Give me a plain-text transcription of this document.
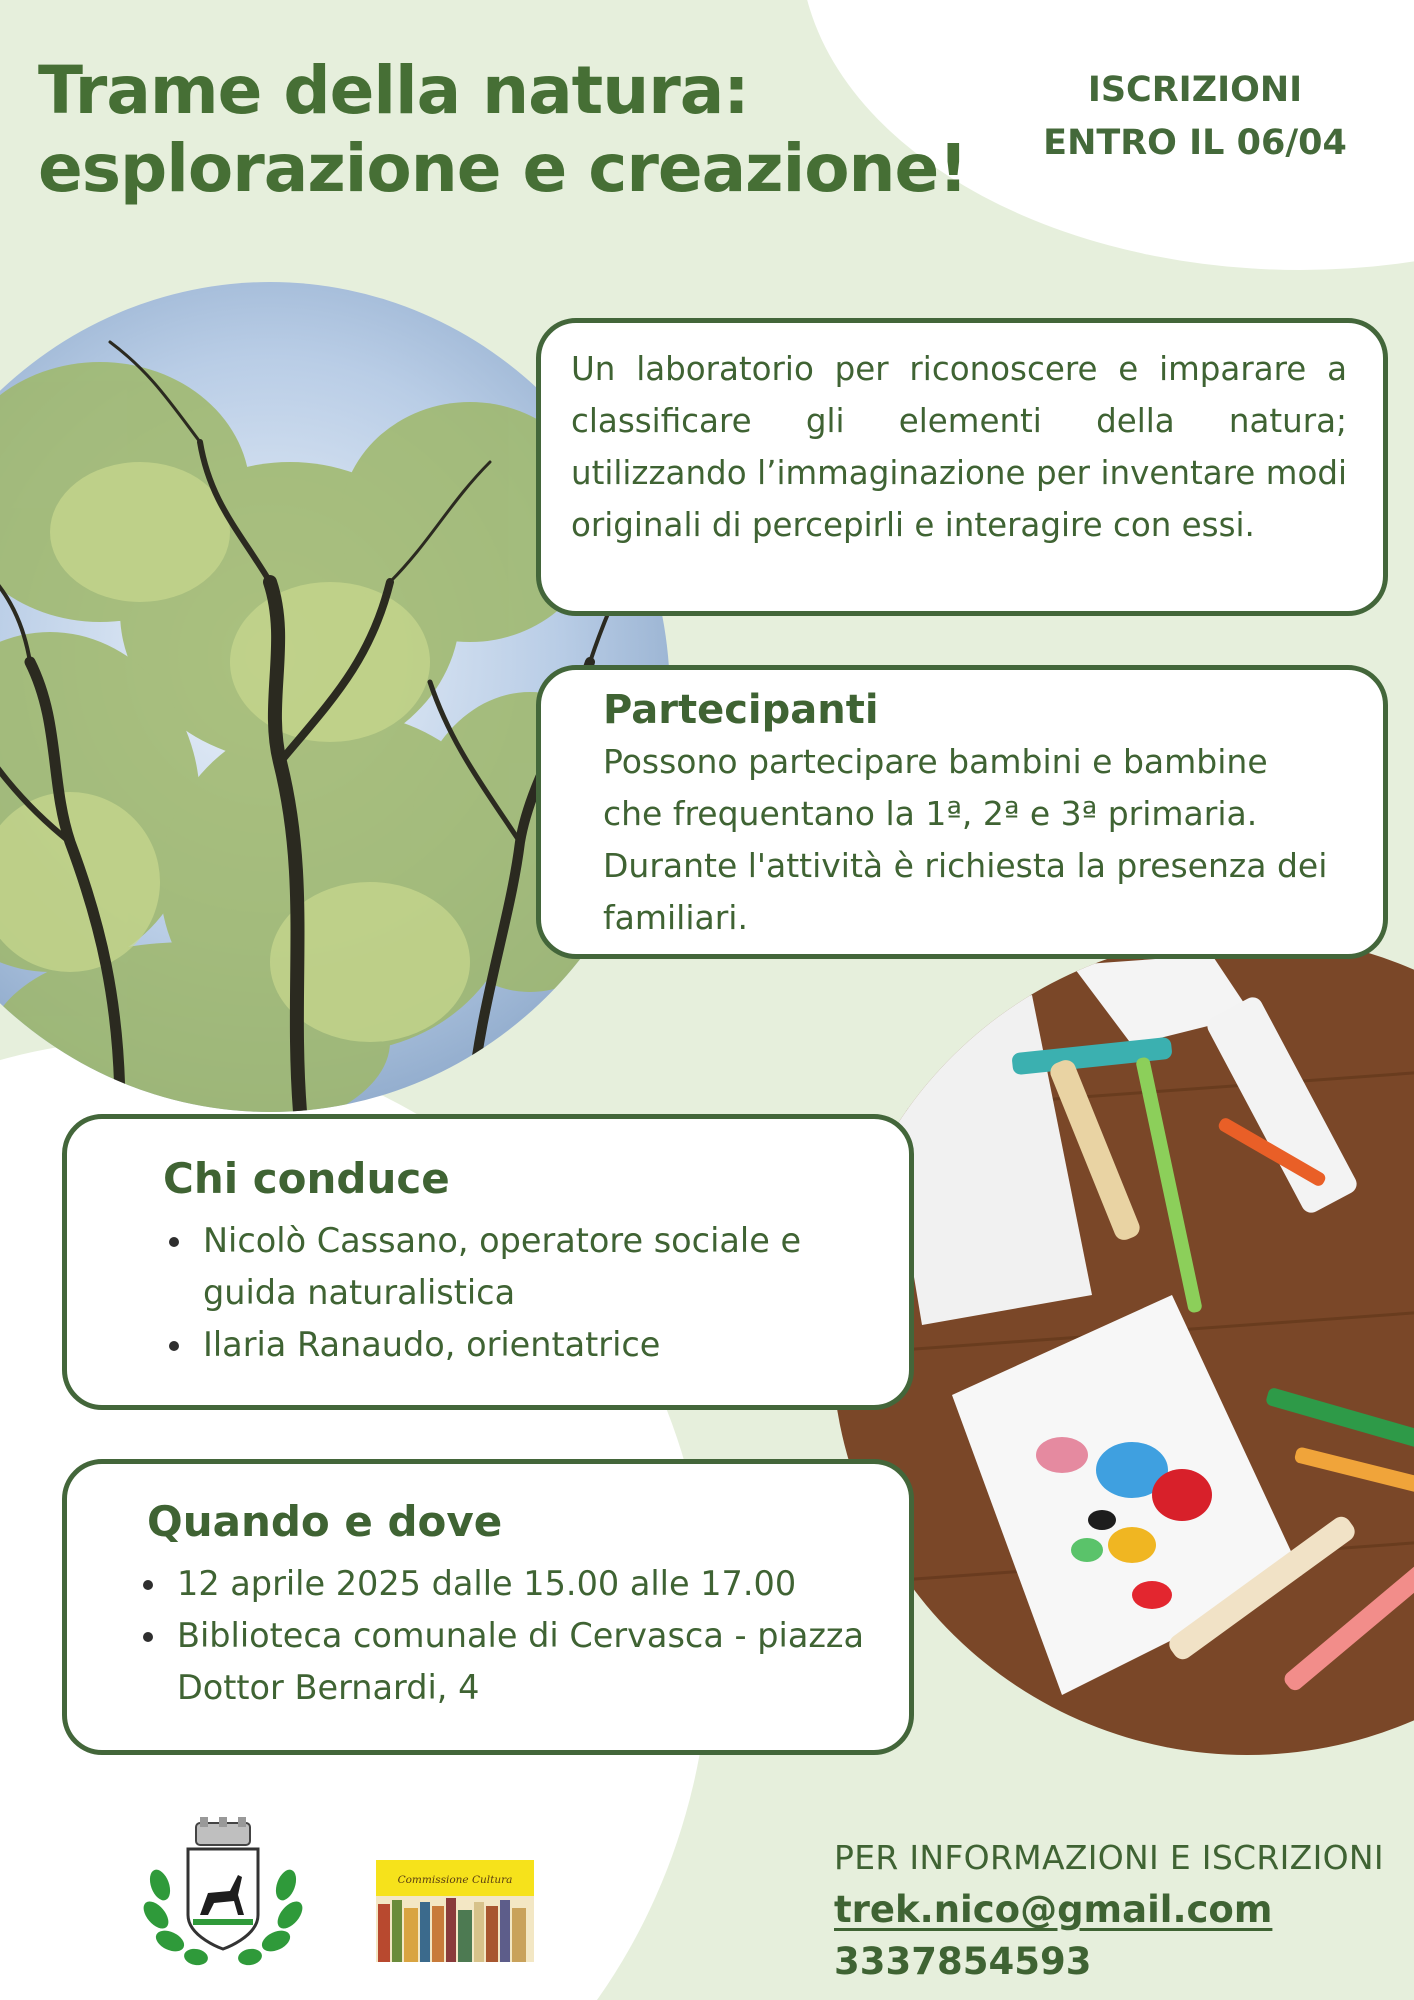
Trame della natura:
esplorazione e creazione!
ISCRIZIONI
ENTRO IL 06/04

Un laboratorio per riconoscere e imparare a classificare gli elementi della natura; utilizzando l’immaginazione per inventare modi originali di percepirli e interagire con essi.

Partecipanti
Possono partecipare bambini e bambine
che frequentano la 1ª, 2ª e 3ª primaria.
Durante l'attività è richiesta la presenza dei
familiari.
Chi conduce
Nicolò Cassano, operatore sociale e guida naturalistica
Ilaria Ranaudo, orientatrice
Quando e dove
12 aprile 2025 dalle 15.00 alle 17.00
Biblioteca comunale di Cervasca - piazza Dottor Bernardi, 4
Commissione Cultura
PER INFORMAZIONI E ISCRIZIONI
trek.nico@gmail.com
3337854593
